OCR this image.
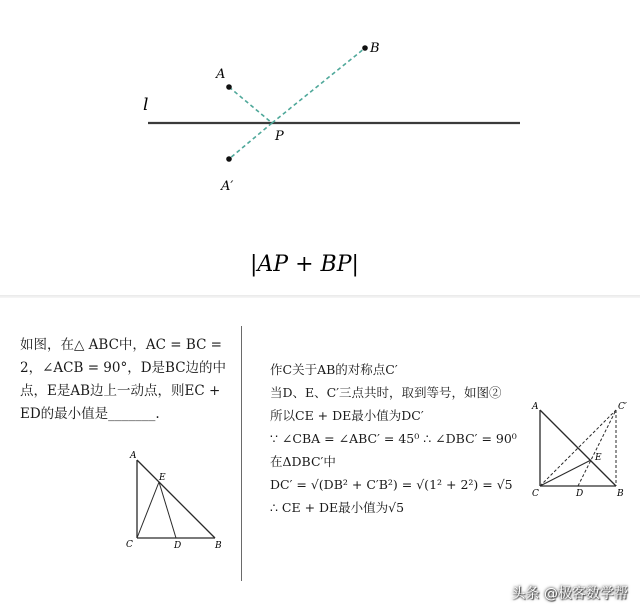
l
A
B
P
A′
|AP + BP|
如图，在△ ABC中，AC = BC =
2，∠ACB = 90°，D是BC边的中
点，E是AB边上一动点，则EC +
ED的最小值是_______.
A
E
C	D	B
作C关于AB的对称点C′
当D、E、C′三点共时，取到等号，如图②
所以CE + DE最小值为DC′
∵ ∠CBA = ∠ABC′ = 45⁰ ∴ ∠DBC′ = 90⁰
在ΔDBC′中
DC′ = √(DB² + C′B²) = √(1² + 2²) = √5
∴ CE + DE最小值为√5
A	C′
E
C	D	B
头条 @极客数学帮
